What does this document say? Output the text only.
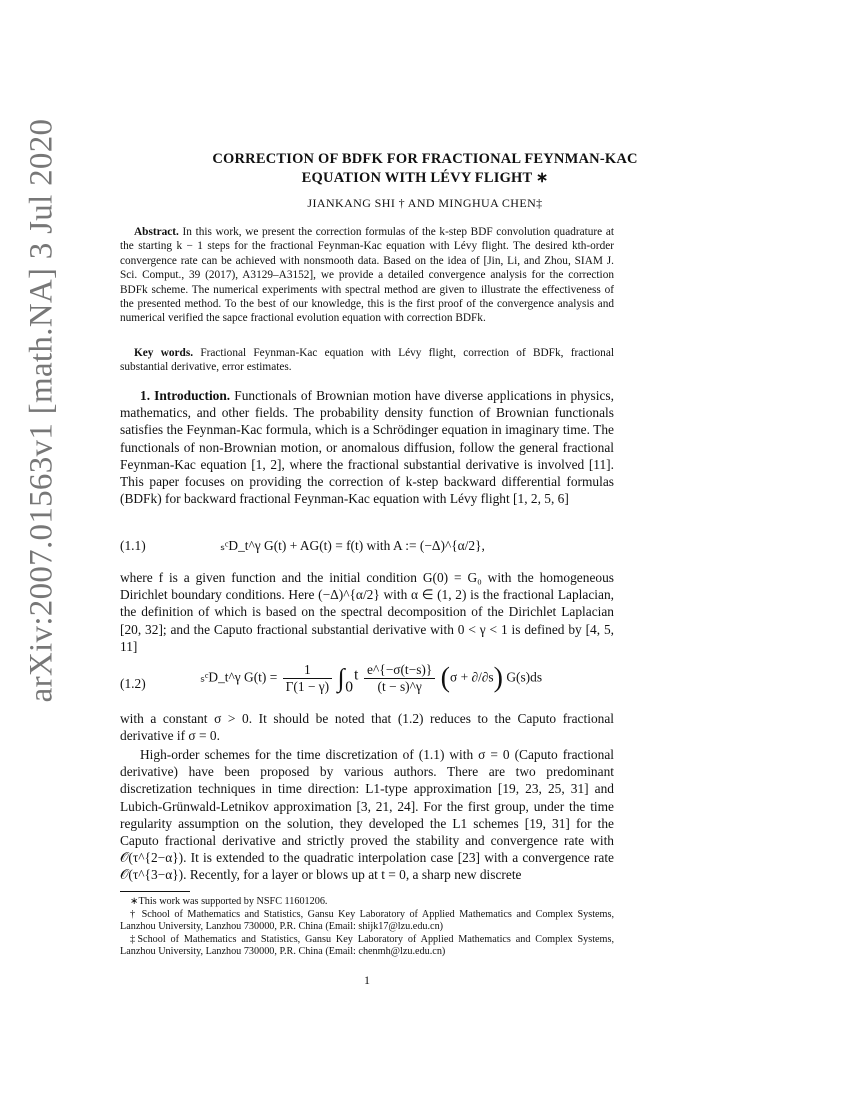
arXiv:2007.01563v1 [math.NA] 3 Jul 2020	CORRECTION OF BDFK FOR FRACTIONAL FEYNMAN-KAC
EQUATION WITH LÉVY FLIGHT ∗
JIANKANG SHI † AND MINGHUA CHEN‡

Abstract. In this work, we present the correction formulas of the k-step BDF convolution quadrature at the starting k − 1 steps for the fractional Feynman-Kac equation with Lévy flight. The desired kth-order convergence rate can be achieved with nonsmooth data. Based on the idea of [Jin, Li, and Zhou, SIAM J. Sci. Comput., 39 (2017), A3129–A3152], we provide a detailed convergence analysis for the correction BDFk scheme. The numerical experiments with spectral method are given to illustrate the effectiveness of the presented method. To the best of our knowledge, this is the first proof of the convergence analysis and numerical verified the sapce fractional evolution equation with correction BDFk.

Key words. Fractional Feynman-Kac equation with Lévy flight, correction of BDFk, fractional substantial derivative, error estimates.

1. Introduction. Functionals of Brownian motion have diverse applications in physics, mathematics, and other fields. The probability density function of Brownian functionals satisfies the Feynman-Kac formula, which is a Schrödinger equation in imaginary time. The functionals of non-Brownian motion, or anomalous diffusion, follow the general fractional Feynman-Kac equation [1, 2], where the fractional substantial derivative is involved [11]. This paper focuses on providing the correction of k-step backward differential formulas (BDFk) for backward fractional Feynman-Kac equation with Lévy flight [1, 2, 5, 6]

(1.1)	ₛᶜD_t^γ G(t) + AG(t) = f(t) with A := (−Δ)^{α/2},

where f is a given function and the initial condition G(0) = G₀ with the homogeneous Dirichlet boundary conditions. Here (−Δ)^{α/2} with α ∈ (1, 2) is the fractional Laplacian, the definition of which is based on the spectral decomposition of the Dirichlet Laplacian [20, 32]; and the Caputo fractional substantial derivative with 0 < γ < 1 is defined by [4, 5, 11]

(1.2)	ₛᶜD_t^γ $G(t) = \frac{1}{\Gamma(1 - \gamma)}$ ∫₀ᵗ $\frac{e\^{}\{-\sigma(t-s)\}}{(t - s)\^{}\gamma} (\sigma + \partial/\partial s)$ G(s)ds

with a constant σ > 0. It should be noted that (1.2) reduces to the Caputo fractional derivative if σ = 0.

High-order schemes for the time discretization of (1.1) with σ = 0 (Caputo fractional derivative) have been proposed by various authors. There are two predominant discretization techniques in time direction: L1-type approximation [19, 23, 25, 31] and Lubich-Grünwald-Letnikov approximation [3, 21, 24]. For the first group, under the time regularity assumption on the solution, they developed the L1 schemes [19, 31] for the Caputo fractional derivative and strictly proved the stability and convergence rate with 𝒪(τ^{2−α}). It is extended to the quadratic interpolation case [23] with a convergence rate 𝒪(τ^{3−α}). Recently, for a layer or blows up at t = 0, a sharp new discrete

∗This work was supported by NSFC 11601206.

† School of Mathematics and Statistics, Gansu Key Laboratory of Applied Mathematics and Complex Systems, Lanzhou University, Lanzhou 730000, P.R. China (Email: shijk17@lzu.edu.cn)

‡School of Mathematics and Statistics, Gansu Key Laboratory of Applied Mathematics and Complex Systems, Lanzhou University, Lanzhou 730000, P.R. China (Email: chenmh@lzu.edu.cn)

1
